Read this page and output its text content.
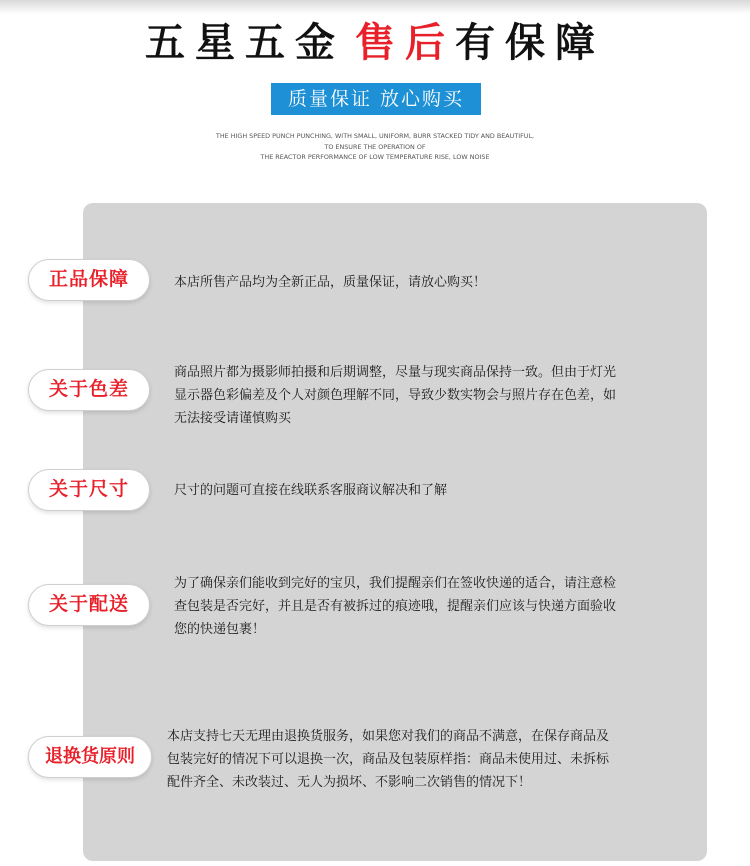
五星五金 售后有保障
质量保证 放心购买
THE HIGH SPEED PUNCH PUNCHING, WITH SMALL, UNIFORM, BURR STACKED TIDY AND BEAUTIFUL,
TO ENSURE THE OPERATION OF
THE REACTOR PERFORMANCE OF LOW TEMPERATURE RISE, LOW NOISE
正品保障	本店所售产品均为全新正品，质量保证，请放心购买！
关于色差
商品照片都为摄影师拍摄和后期调整，尽量与现实商品保持一致。但由于灯光
显示器色彩偏差及个人对颜色理解不同，导致少数实物会与照片存在色差，如
无法接受请谨慎购买
关于尺寸	尺寸的问题可直接在线联系客服商议解决和了解
关于配送
为了确保亲们能收到完好的宝贝，我们提醒亲们在签收快递的适合，请注意检
查包装是否完好，并且是否有被拆过的痕迹哦，提醒亲们应该与快递方面验收
您的快递包裹！
退换货原则
本店支持七天无理由退换货服务，如果您对我们的商品不满意，在保存商品及
包装完好的情况下可以退换一次，商品及包装原样指：商品未使用过、未拆标
配件齐全、未改装过、无人为损坏、不影响二次销售的情况下！
